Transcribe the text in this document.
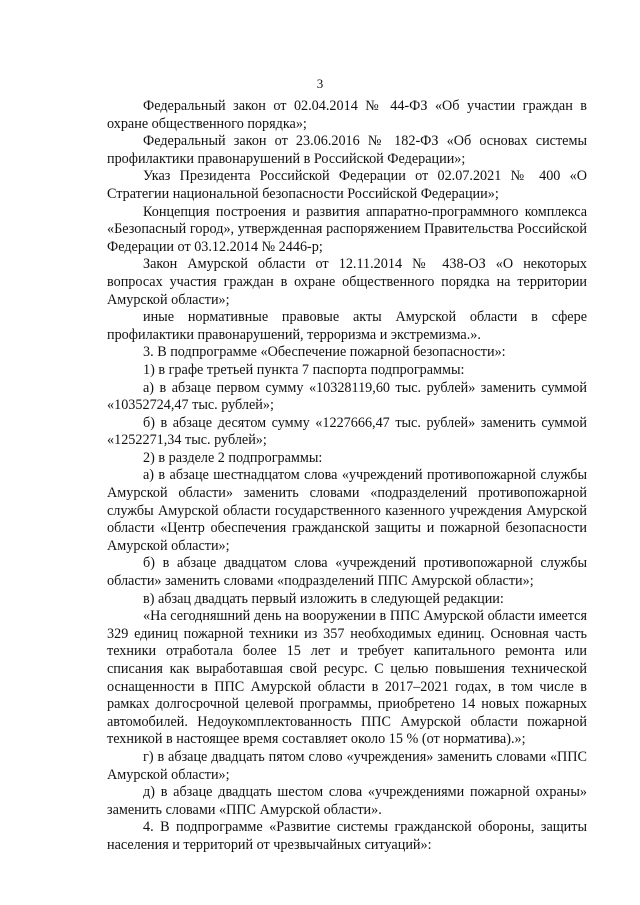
3

Федеральный закон от 02.04.2014 № 44-ФЗ «Об участии граждан в охране общественного порядка»;

Федеральный закон от 23.06.2016 № 182-ФЗ «Об основах системы профилактики правонарушений в Российской Федерации»;

Указ Президента Российской Федерации от 02.07.2021 № 400 «О Стратегии национальной безопасности Российской Федерации»;

Концепция построения и развития аппаратно-программного комплекса «Безопасный город», утвержденная распоряжением Правительства Российской Федерации от 03.12.2014 № 2446-р;

Закон Амурской области от 12.11.2014 № 438-ОЗ «О некоторых вопросах участия граждан в охране общественного порядка на территории Амурской области»;

иные нормативные правовые акты Амурской области в сфере профилактики правонарушений, терроризма и экстремизма.».

3. В подпрограмме «Обеспечение пожарной безопасности»:

1) в графе третьей пункта 7 паспорта подпрограммы:

а) в абзаце первом сумму «10328119,60 тыс. рублей» заменить суммой «10352724,47 тыс. рублей»;

б) в абзаце десятом сумму «1227666,47 тыс. рублей» заменить суммой «1252271,34 тыс. рублей»;

2) в разделе 2 подпрограммы:

а) в абзаце шестнадцатом слова «учреждений противопожарной службы Амурской области» заменить словами «подразделений противопожарной службы Амурской области государственного казенного учреждения Амурской области «Центр обеспечения гражданской защиты и пожарной безопасности Амурской области»;

б) в абзаце двадцатом слова «учреждений противопожарной службы области» заменить словами «подразделений ППС Амурской области»;

в) абзац двадцать первый изложить в следующей редакции:

«На сегодняшний день на вооружении в ППС Амурской области имеется 329 единиц пожарной техники из 357 необходимых единиц. Основная часть техники отработала более 15 лет и требует капитального ремонта или списания как выработавшая свой ресурс. С целью повышения технической оснащенности в ППС Амурской области в 2017–2021 годах, в том числе в рамках долгосрочной целевой программы, приобретено 14 новых пожарных автомобилей. Недоукомплектованность ППС Амурской области пожарной техникой в настоящее время составляет около 15 % (от норматива).»;

г) в абзаце двадцать пятом слово «учреждения» заменить словами «ППС Амурской области»;

д) в абзаце двадцать шестом слова «учреждениями пожарной охраны» заменить словами «ППС Амурской области».

4. В подпрограмме «Развитие системы гражданской обороны, защиты населения и территорий от чрезвычайных ситуаций»:
